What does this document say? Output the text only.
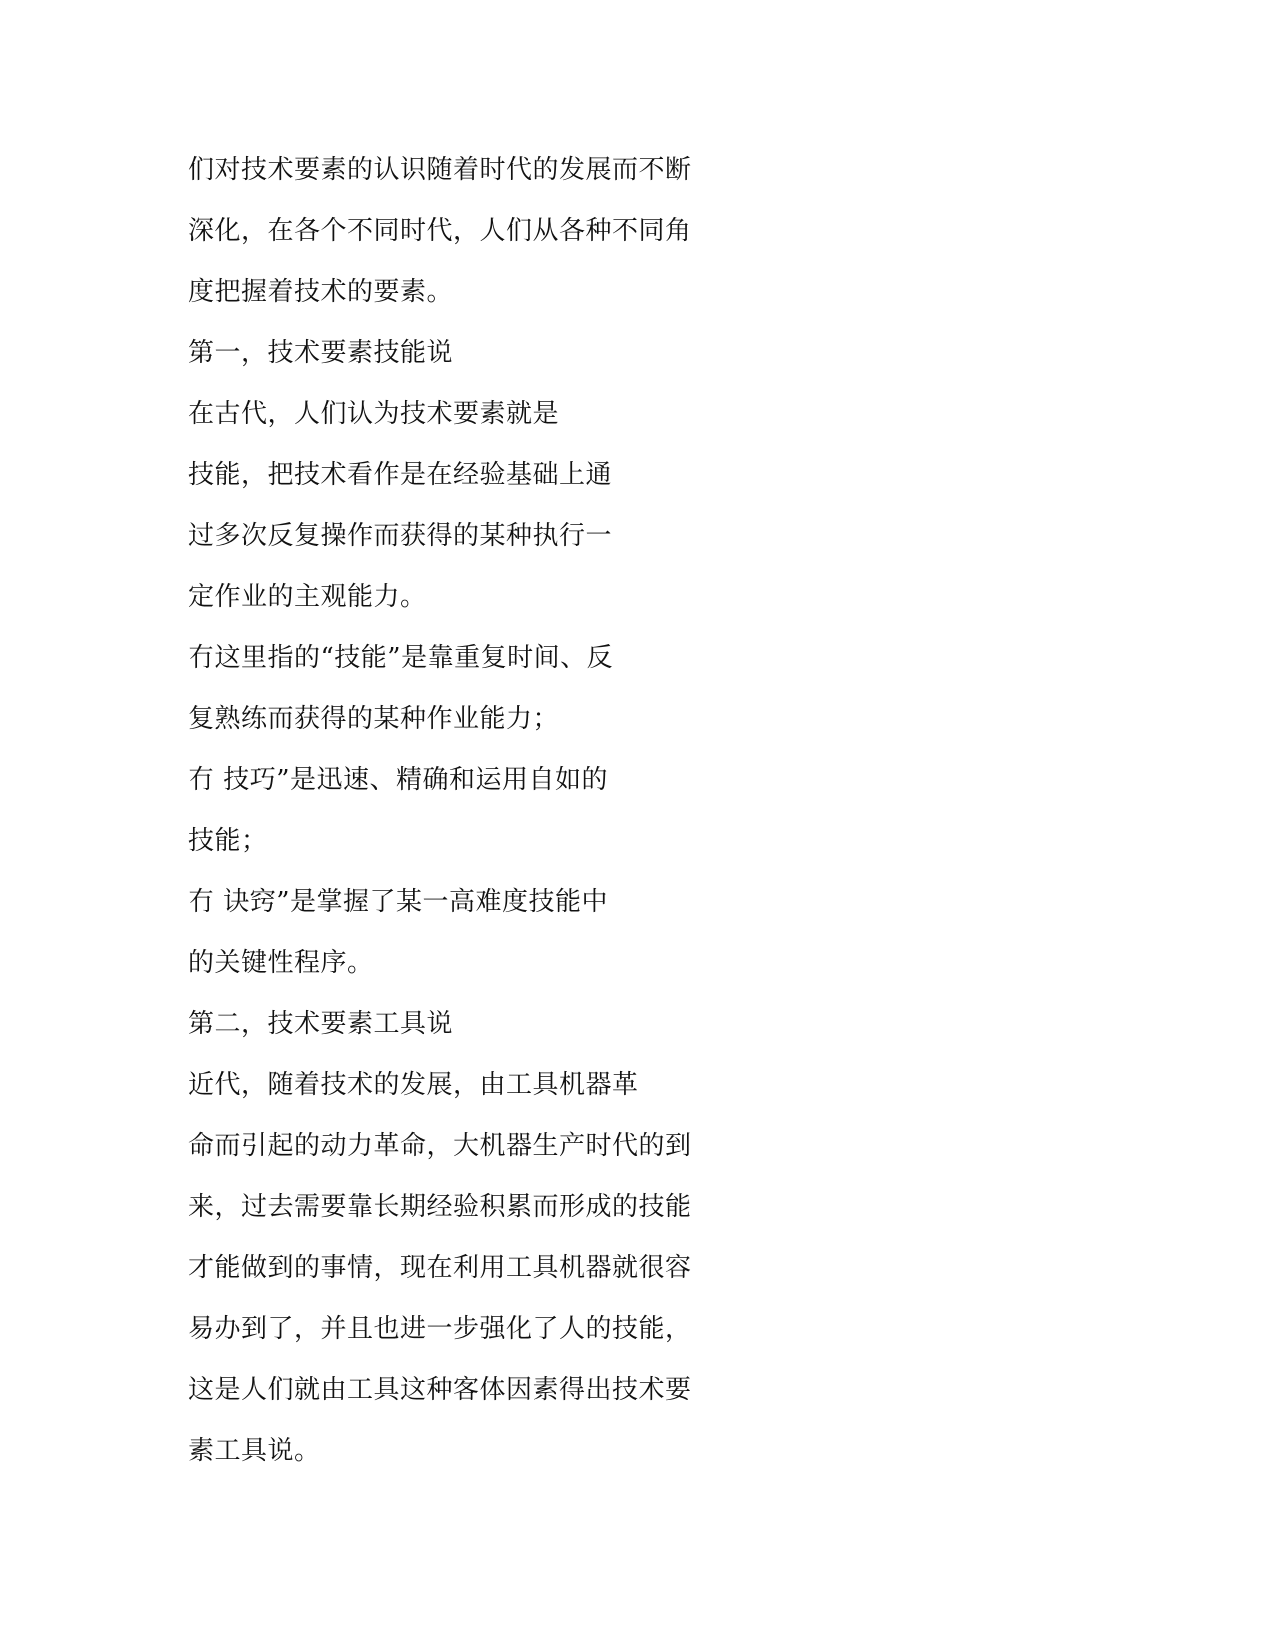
们对技术要素的认识随着时代的发展而不断
深化，在各个不同时代，人们从各种不同角
度把握着技术的要素。
第一，技术要素技能说
在古代，人们认为技术要素就是
技能，把技术看作是在经验基础上通
过多次反复操作而获得的某种执行一
定作业的主观能力。
冇这里指的“技能”是靠重复时间、反
复熟练而获得的某种作业能力；
冇 技巧”是迅速、精确和运用自如的
技能；
冇 诀窍”是掌握了某一高难度技能中
的关键性程序。
第二，技术要素工具说
近代，随着技术的发展，由工具机器革
命而引起的动力革命，大机器生产时代的到
来，过去需要靠长期经验积累而形成的技能
才能做到的事情，现在利用工具机器就很容
易办到了，并且也进一步强化了人的技能，
这是人们就由工具这种客体因素得出技术要
素工具说。
